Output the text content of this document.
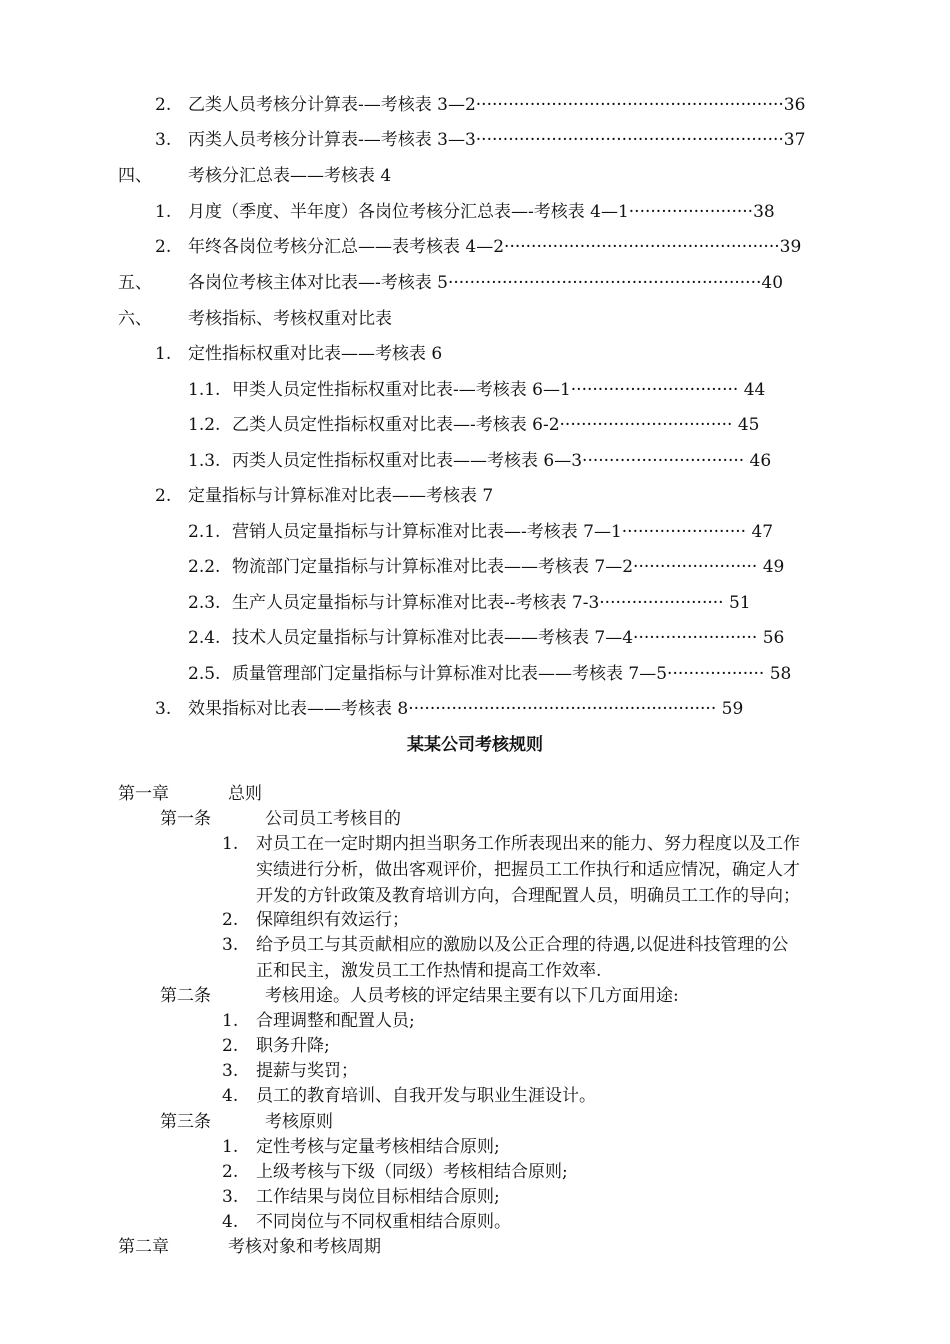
2. 乙类人员考核分计算表-—考核表 3—2·························································36
3. 丙类人员考核分计算表-—考核表 3—3·························································37
四、 考核分汇总表——考核表 4
1. 月度（季度、半年度）各岗位考核分汇总表—-考核表 4—1·······················38
2. 年终各岗位考核分汇总——表考核表 4—2···················································39
五、 各岗位考核主体对比表—-考核表 5··························································40
六、 考核指标、考核权重对比表
1. 定性指标权重对比表——考核表 6
1.1. 甲类人员定性指标权重对比表-—考核表 6—1······························· 44
1.2. 乙类人员定性指标权重对比表—-考核表 6-2································ 45
1.3. 丙类人员定性指标权重对比表——考核表 6—3······························ 46
2. 定量指标与计算标准对比表——考核表 7
2.1. 营销人员定量指标与计算标准对比表—-考核表 7—1······················· 47
2.2. 物流部门定量指标与计算标准对比表——考核表 7—2······················· 49
2.3. 生产人员定量指标与计算标准对比表--考核表 7-3······················· 51
2.4. 技术人员定量指标与计算标准对比表——考核表 7—4······················· 56
2.5. 质量管理部门定量指标与计算标准对比表——考核表 7—5·················· 58
3. 效果指标对比表——考核表 8························································· 59
某某公司考核规则
第一章	总则
第一条	公司员工考核目的
1. 对员工在一定时期内担当职务工作所表现出来的能力、努力程度以及工作
实绩进行分析，做出客观评价，把握员工工作执行和适应情况，确定人才
开发的方针政策及教育培训方向，合理配置人员，明确员工工作的导向；
2. 保障组织有效运行；
3. 给予员工与其贡献相应的激励以及公正合理的待遇,以促进科技管理的公
正和民主，激发员工工作热情和提高工作效率.
第二条	考核用途。人员考核的评定结果主要有以下几方面用途:
1. 合理调整和配置人员;
2. 职务升降;
3. 提薪与奖罚；
4. 员工的教育培训、自我开发与职业生涯设计。
第三条	考核原则
1. 定性考核与定量考核相结合原则;
2. 上级考核与下级（同级）考核相结合原则;
3. 工作结果与岗位目标相结合原则;
4. 不同岗位与不同权重相结合原则。
第二章	考核对象和考核周期
